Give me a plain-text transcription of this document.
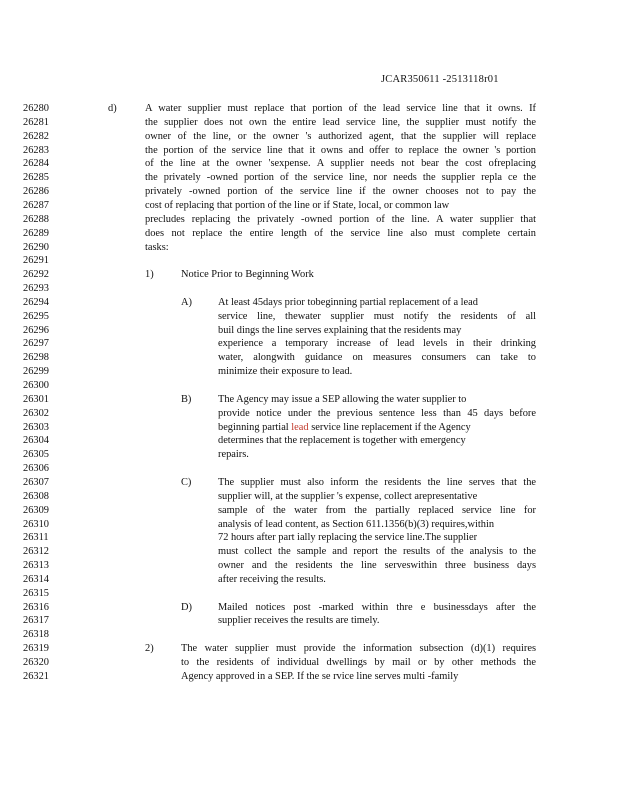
JCAR350611 -2513118r01
26280	d)	A water supplier must replace that portion of the lead service line that it owns. If
26281	the supplier does not own the entire lead service line, the supplier must notify the
26282	owner of the line, or the owner 's authorized agent, that the supplier will replace
26283	the portion of the service line that it owns and offer to replace the owner 's portion
26284	of the line at the owner 'sexpense. A supplier needs not bear the cost ofreplacing
26285	the privately -owned portion of the service line, nor needs the supplier repla ce the
26286	privately -owned portion of the service line if the owner chooses not to pay the
26287	cost of replacing that portion of the line or if State, local, or common law
26288	precludes replacing the privately -owned portion of the line. A water supplier that
26289	does not replace the entire length of the service line also must complete certain
26290	tasks:
26291
26292	1)	Notice Prior to Beginning Work
26293
26294	A)	At least 45days prior tobeginning partial replacement of a lead
26295	service line, thewater supplier must notify the residents of all
26296	buil dings the line serves explaining that the residents may
26297	experience a temporary increase of lead levels in their drinking
26298	water, alongwith guidance on measures consumers can take to
26299	minimize their exposure to lead.
26300
26301	B)	The Agency may issue a SEP allowing the water supplier to
26302	provide notice under the previous sentence less than 45 days before
26303	beginning partial lead service line replacement if the Agency
26304	determines that the replacement is together with emergency
26305	repairs.
26306
26307	C)	The supplier must also inform the residents the line serves that the
26308	supplier will, at the supplier 's expense, collect arepresentative
26309	sample of the water from the partially replaced service line for
26310	analysis of lead content, as Section 611.1356(b)(3) requires,within
26311	72 hours after part ially replacing the service line.The supplier
26312	must collect the sample and report the results of the analysis to the
26313	owner and the residents the line serveswithin three business days
26314	after receiving the results.
26315
26316	D)	Mailed notices post -marked within thre e businessdays after the
26317	supplier receives the results are timely.
26318
26319	2)	The water supplier must provide the information subsection (d)(1) requires
26320	to the residents of individual dwellings by mail or by other methods the
26321	Agency approved in a SEP. If the se rvice line serves multi -family
